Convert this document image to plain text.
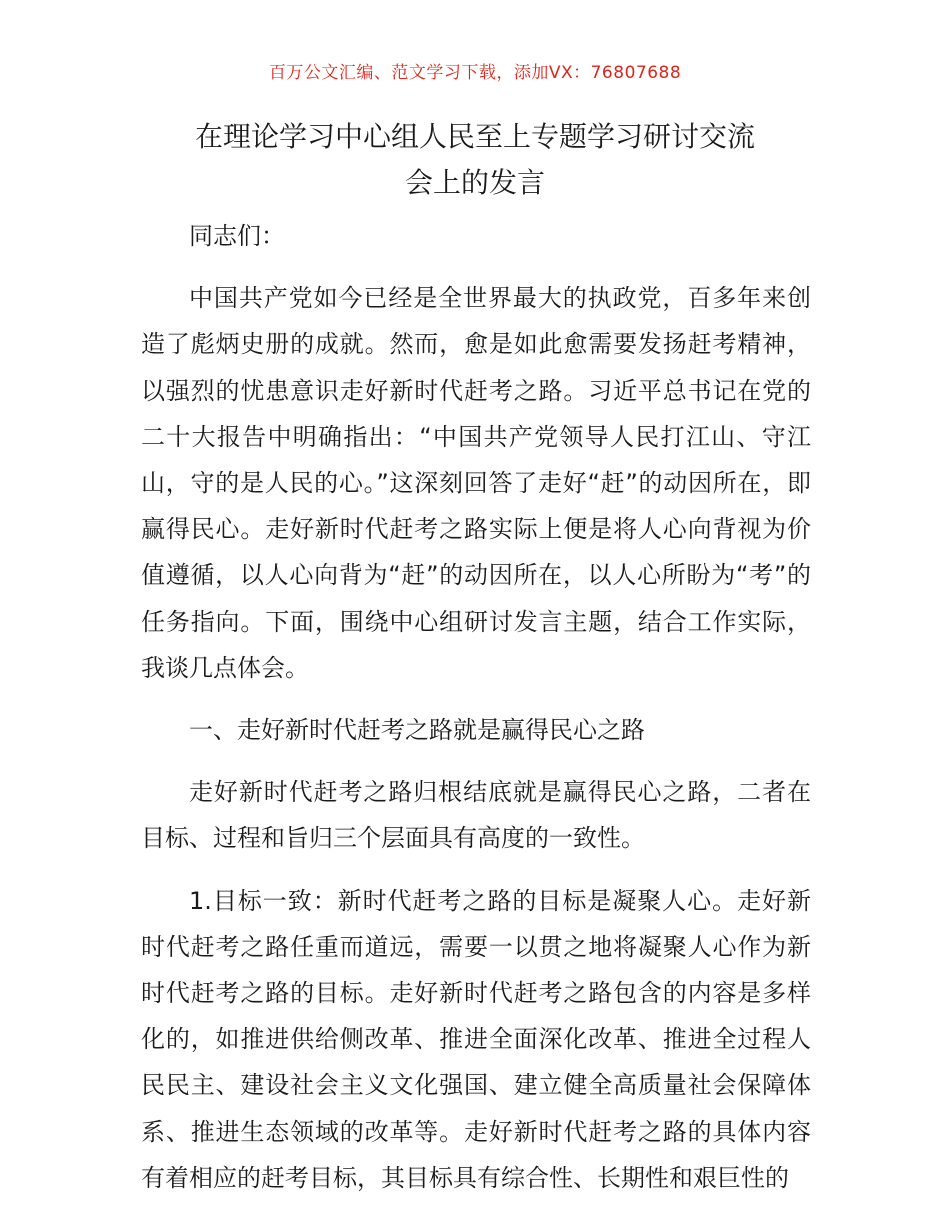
百万公文汇编、范文学习下载，添加VX：76807688
在理论学习中心组人民至上专题学习研讨交流
会上的发言

同志们：

中国共产党如今已经是全世界最大的执政党，百多年来创造了彪炳史册的成就。然而，愈是如此愈需要发扬赶考精神，以强烈的忧患意识走好新时代赶考之路。习近平总书记在党的二十大报告中明确指出：“中国共产党领导人民打江山、守江山，守的是人民的心。”这深刻回答了走好“赶”的动因所在，即赢得民心。走好新时代赶考之路实际上便是将人心向背视为价值遵循，以人心向背为“赶”的动因所在，以人心所盼为“考”的任务指向。下面，围绕中心组研讨发言主题，结合工作实际，我谈几点体会。

一、走好新时代赶考之路就是赢得民心之路

走好新时代赶考之路归根结底就是赢得民心之路，二者在目标、过程和旨归三个层面具有高度的一致性。

1.目标一致：新时代赶考之路的目标是凝聚人心。走好新时代赶考之路任重而道远，需要一以贯之地将凝聚人心作为新时代赶考之路的目标。走好新时代赶考之路包含的内容是多样化的，如推进供给侧改革、推进全面深化改革、推进全过程人民民主、建设社会主义文化强国、建立健全高质量社会保障体系、推进生态领域的改革等。走好新时代赶考之路的具体内容有着相应的赶考目标，其目标具有综合性、长期性和艰巨性的
